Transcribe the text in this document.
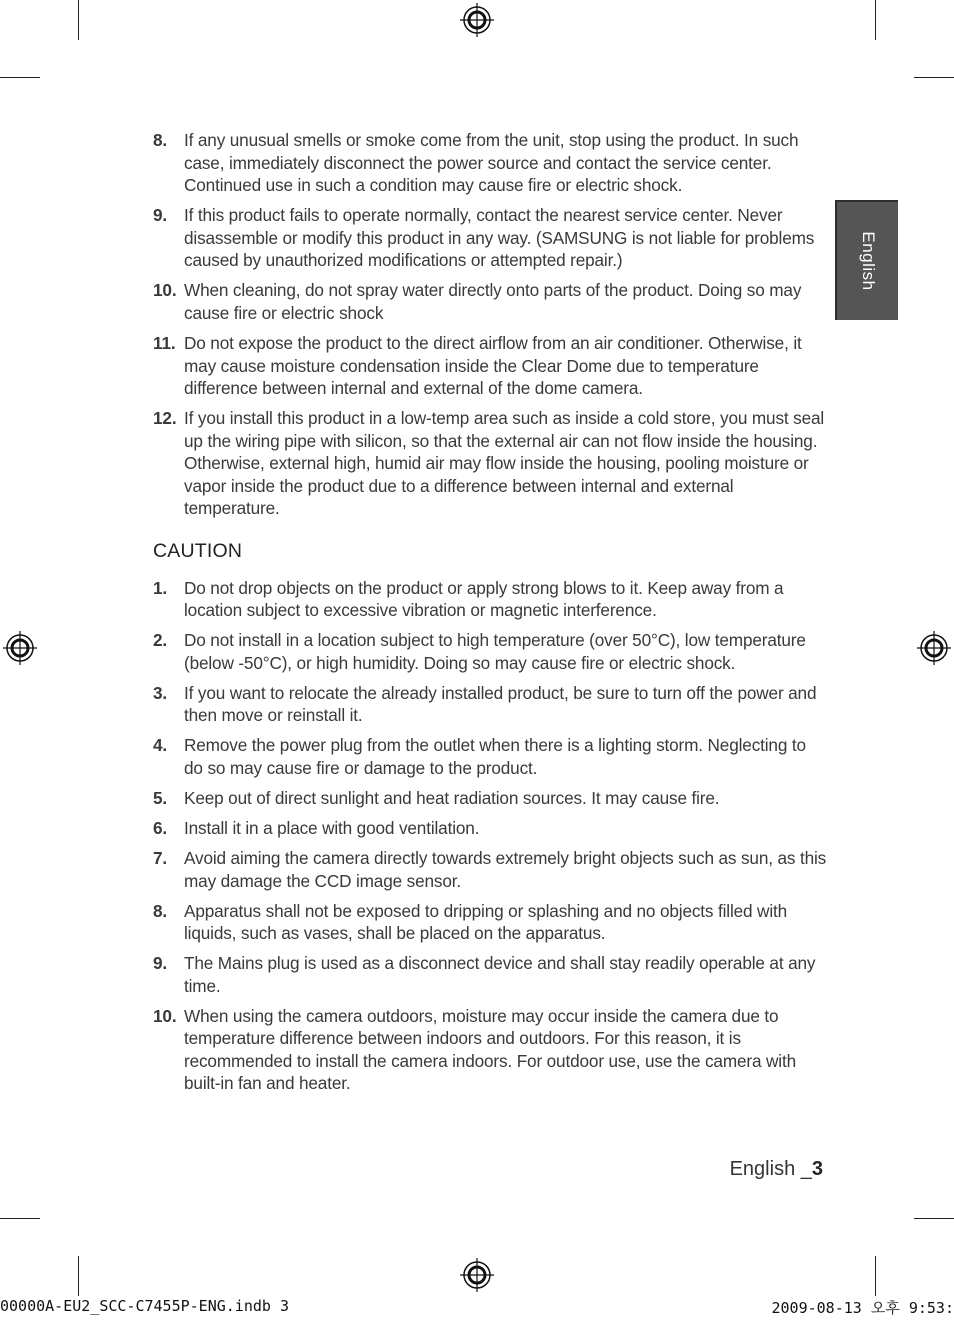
English
8. If any unusual smells or smoke come from the unit, stop using the product. In such case, immediately disconnect the power source and contact the service center. Continued use in such a condition may cause fire or electric shock.
9. If this product fails to operate normally, contact the nearest service center. Never disassemble or modify this product in any way. (SAMSUNG is not liable for problems caused by unauthorized modifications or attempted repair.)
10. When cleaning, do not spray water directly onto parts of the product. Doing so may cause fire or electric shock
11. Do not expose the product to the direct airflow from an air conditioner. Otherwise, it may cause moisture condensation inside the Clear Dome due to temperature difference between internal and external of the dome camera.
12. If you install this product in a low-temp area such as inside a cold store, you must seal up the wiring pipe with silicon, so that the external air can not flow inside the housing. Otherwise, external high, humid air may flow inside the housing, pooling moisture or vapor inside the product due to a difference between internal and external temperature.
CAUTION
1. Do not drop objects on the product or apply strong blows to it. Keep away from a location subject to excessive vibration or magnetic interference.
2. Do not install in a location subject to high temperature (over 50°C), low temperature (below -50°C), or high humidity. Doing so may cause fire or electric shock.
3. If you want to relocate the already installed product, be sure to turn off the power and then move or reinstall it.
4. Remove the power plug from the outlet when there is a lighting storm. Neglecting to do so may cause fire or damage to the product.
5. Keep out of direct sunlight and heat radiation sources. It may cause fire.
6. Install it in a place with good ventilation.
7. Avoid aiming the camera directly towards extremely bright objects such as sun, as this may damage the CCD image sensor.
8. Apparatus shall not be exposed to dripping or splashing and no objects filled with liquids, such as vases, shall be placed on the apparatus.
9. The Mains plug is used as a disconnect device and shall stay readily operable at any time.
10. When using the camera outdoors, moisture may occur inside the camera due to temperature difference between indoors and outdoors. For this reason, it is recommended to install the camera indoors. For outdoor use, use the camera with built-in fan and heater.
English _3
00000A-EU2_SCC-C7455P-ENG.indb 3	2009-08-13 오후 9:53:
